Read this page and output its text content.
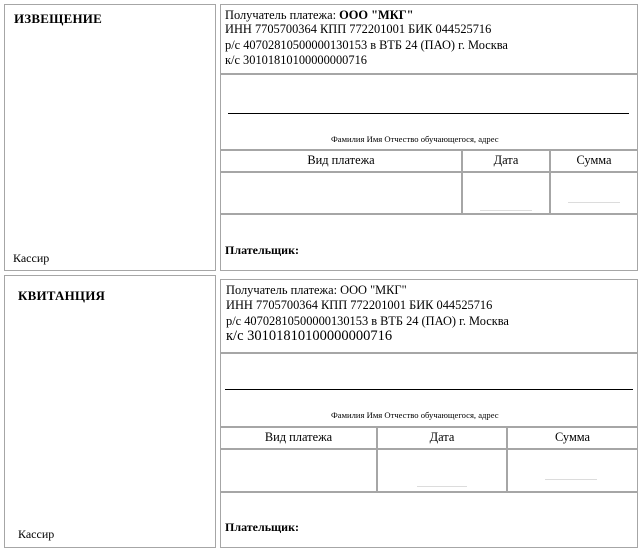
ИЗВЕЩЕНИЕ
Кассир
Получатель платежа: ООО "МКГ"
ИНН 7705700364 КПП 772201001 БИК 044525716
р/с 40702810500000130153 в ВТБ 24 (ПАО) г. Москва
к/с 30101810100000000716
Фамилия Имя Отчество обучающегося, адрес
Вид платежа	Дата	Сумма
Плательщик:
КВИТАНЦИЯ
Кассир
Получатель платежа: ООО "МКГ"
ИНН 7705700364 КПП 772201001 БИК 044525716
р/с 40702810500000130153 в ВТБ 24 (ПАО) г. Москва
к/с 30101810100000000716
Фамилия Имя Отчество обучающегося, адрес
Вид платежа	Дата	Сумма
Плательщик:
